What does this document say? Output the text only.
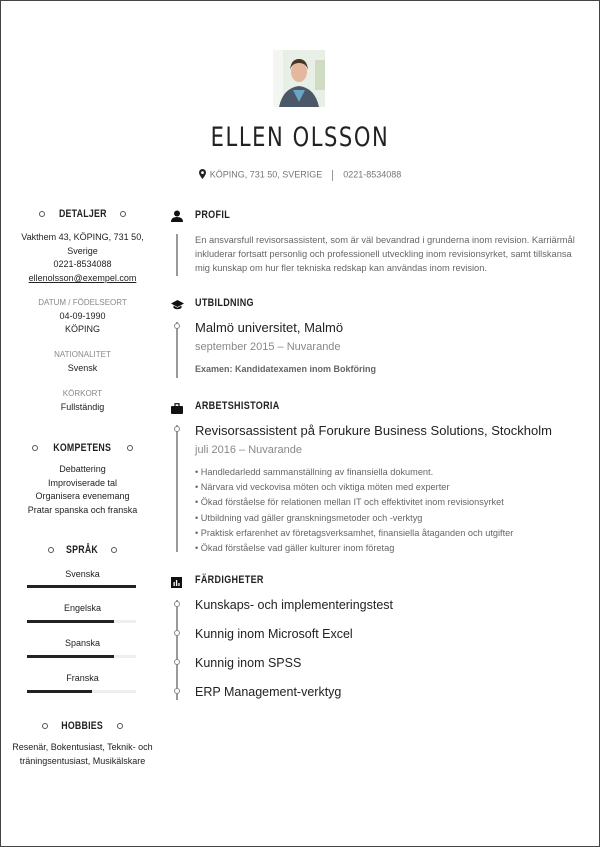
ELLEN OLSSON
KÖPING, 731 50, SVERIGE 0221-8534088
DETALJER
Vakthem 43, KÖPING, 731 50,
Sverige
0221-8534088
ellenolsson@exempel.com
DATUM / FÖDELSEORT
04-09-1990
KÖPING
NATIONALITET
Svensk
KÖRKORT
Fullständig
KOMPETENS
Debattering
Improviserade tal
Organisera evenemang
Pratar spanska och franska
SPRÅK
Svenska
Engelska
Spanska
Franska
HOBBIES
Resenär, Bokentusiast, Teknik- och
träningsentusiast, Musikälskare
PROFIL
En ansvarsfull revisorsassistent, som är väl bevandrad i grunderna inom revision. Karriärmål
inkluderar fortsatt personlig och professionell utveckling inom revisionsyrket, samt tillskansa
mig kunskap om hur fler tekniska redskap kan användas inom revision.
UTBILDNING
Malmö universitet, Malmö
september 2015 – Nuvarande
Examen: Kandidatexamen inom Bokföring
ARBETSHISTORIA
Revisorsassistent på Forukure Business Solutions, Stockholm
juli 2016 – Nuvarande
• Handledarledd sammanställning av finansiella dokument.
• Närvara vid veckovisa möten och viktiga möten med experter
• Ökad förståelse för relationen mellan IT och effektivitet inom revisionsyrket
• Utbildning vad gäller granskningsmetoder och -verktyg
• Praktisk erfarenhet av företagsverksamhet, finansiella åtaganden och utgifter
• Ökad förståelse vad gäller kulturer inom företag
FÄRDIGHETER
Kunskaps- och implementeringstest
Kunnig inom Microsoft Excel
Kunnig inom SPSS
ERP Management-verktyg
